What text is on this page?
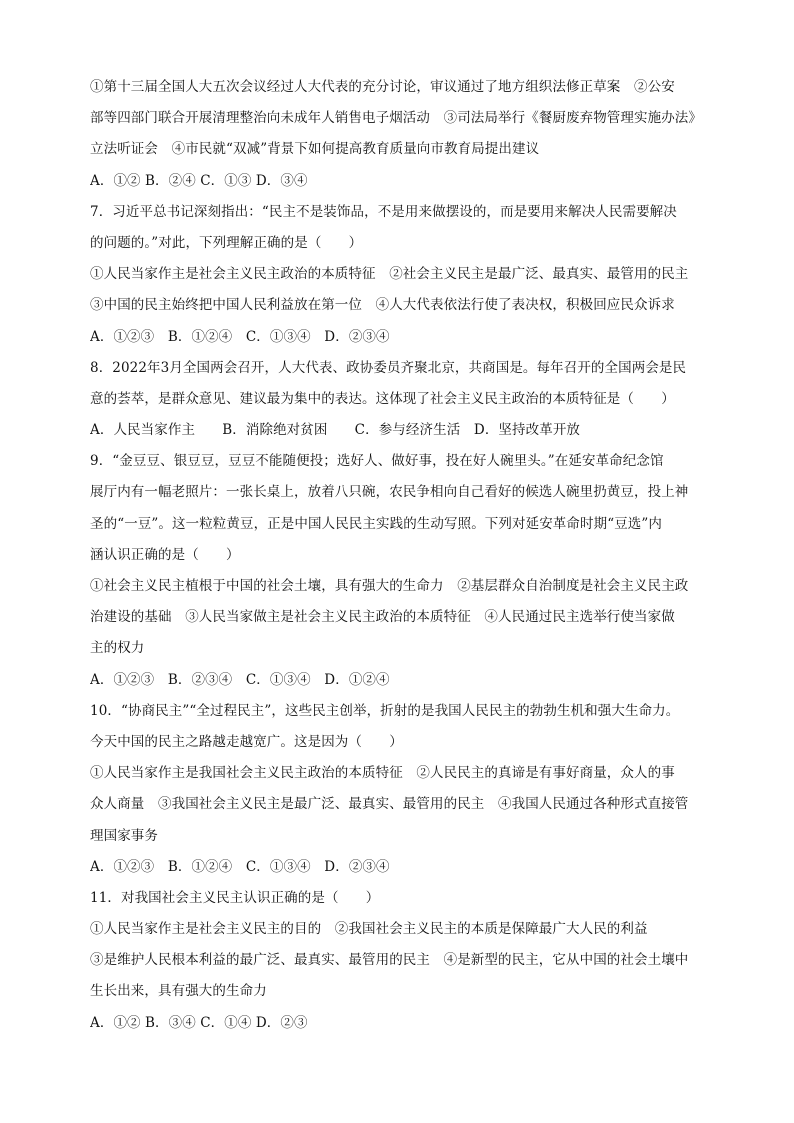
①第十三届全国人大五次会议经过人大代表的充分讨论，审议通过了地方组织法修正草案　②公安
部等四部门联合开展清理整治向未成年人销售电子烟活动　③司法局举行《餐厨废弃物管理实施办法》
立法听证会　④市民就“双减”背景下如何提高教育质量向市教育局提出建议
A．①② B．②④ C．①③ D．③④
7．习近平总书记深刻指出：“民主不是装饰品，不是用来做摆设的，而是要用来解决人民需要解决
的问题的。”对此，下列理解正确的是（　　）
①人民当家作主是社会主义民主政治的本质特征　②社会主义民主是最广泛、最真实、最管用的民主
③中国的民主始终把中国人民利益放在第一位　④人大代表依法行使了表决权，积极回应民众诉求
A．①②③　B．①②④　C．①③④　D．②③④
8．2022年3月全国两会召开，人大代表、政协委员齐聚北京，共商国是。每年召开的全国两会是民
意的荟萃，是群众意见、建议最为集中的表达。这体现了社会主义民主政治的本质特征是（　　）
A．人民当家作主　　B．消除绝对贫困　　C．参与经济生活　D．坚持改革开放
9．“金豆豆、银豆豆，豆豆不能随便投；选好人、做好事，投在好人碗里头。”在延安革命纪念馆
展厅内有一幅老照片：一张长桌上，放着八只碗，农民争相向自己看好的候选人碗里扔黄豆，投上神
圣的“一豆”。这一粒粒黄豆，正是中国人民民主实践的生动写照。下列对延安革命时期“豆选”内
涵认识正确的是（　　）
①社会主义民主植根于中国的社会土壤，具有强大的生命力　②基层群众自治制度是社会主义民主政
治建设的基础　③人民当家做主是社会主义民主政治的本质特征　④人民通过民主选举行使当家做
主的权力
A．①②③　B．②③④　C．①③④　D．①②④
10．“协商民主”“全过程民主”，这些民主创举，折射的是我国人民民主的勃勃生机和强大生命力。
今天中国的民主之路越走越宽广。这是因为（　　）
①人民当家作主是我国社会主义民主政治的本质特征　②人民民主的真谛是有事好商量，众人的事
众人商量　③我国社会主义民主是最广泛、最真实、最管用的民主　④我国人民通过各种形式直接管
理国家事务
A．①②③　B．①②④　C．①③④　D．②③④
11．对我国社会主义民主认识正确的是（　　）
①人民当家作主是社会主义民主的目的　②我国社会主义民主的本质是保障最广大人民的利益
③是维护人民根本利益的最广泛、最真实、最管用的民主　④是新型的民主，它从中国的社会土壤中
生长出来，具有强大的生命力
A．①② B．③④ C．①④ D．②③
